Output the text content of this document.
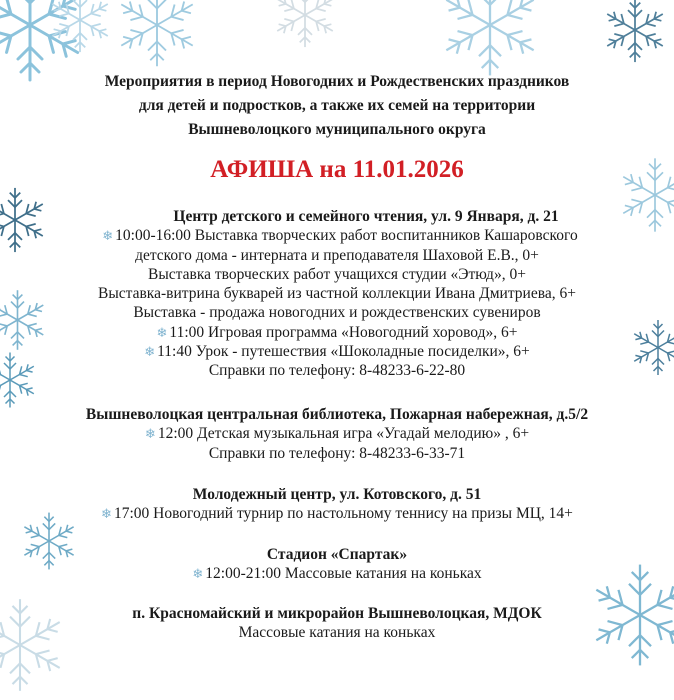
Мероприятия в период Новогодних и Рождественских праздников
для детей и подростков, а также их семей на территории
Вышневолоцкого муниципального округа
АФИША на 11.01.2026
Центр детского и семейного чтения, ул. 9 Января, д. 21
❄ 10:00-16:00 Выставка творческих работ воспитанников Кашаровского
детского дома - интерната и преподавателя Шаховой Е.В., 0+
Выставка творческих работ учащихся студии «Этюд», 0+
Выставка-витрина букварей из частной коллекции Ивана Дмитриева, 6+
Выставка - продажа новогодних и рождественских сувениров
❄ 11:00 Игровая программа «Новогодний хоровод», 6+
❄ 11:40 Урок - путешествия «Шоколадные посиделки», 6+
Справки по телефону: 8-48233-6-22-80
Вышневолоцкая центральная библиотека, Пожарная набережная, д.5/2
❄ 12:00 Детская музыкальная игра «Угадай мелодию» , 6+
Справки по телефону: 8-48233-6-33-71
Молодежный центр, ул. Котовского, д. 51
❄ 17:00 Новогодний турнир по настольному теннису на призы МЦ, 14+
Стадион «Спартак»
❄ 12:00-21:00 Массовые катания на коньках
п. Красномайский и микрорайон Вышневолоцкая, МДОК
Массовые катания на коньках
